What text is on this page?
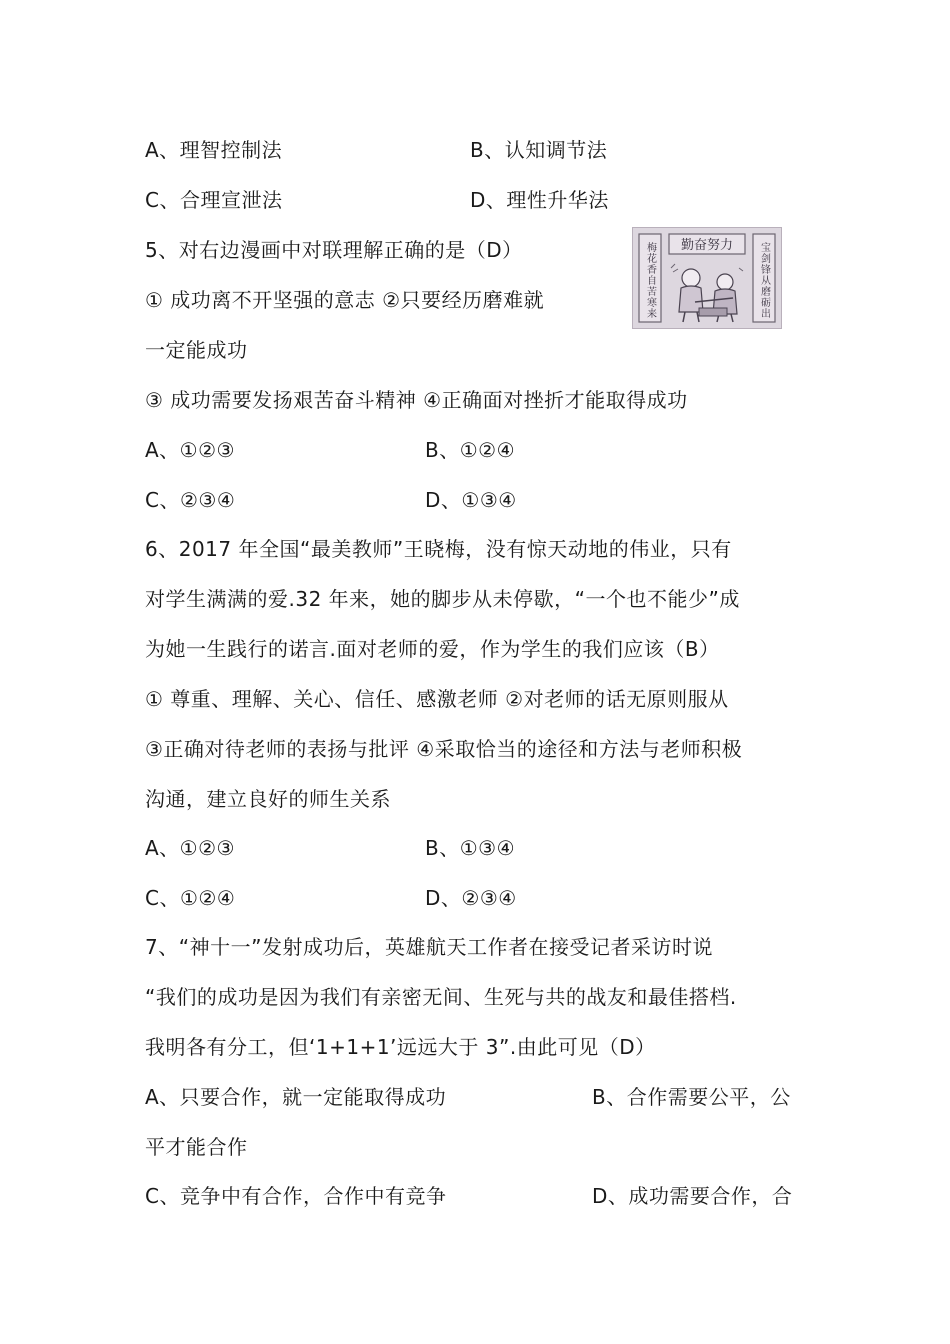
A、理智控制法	B、认知调节法
C、合理宣泄法	D、理性升华法
5、对右边漫画中对联理解正确的是（D）
① 成功离不开坚强的意志 ②只要经历磨难就
一定能成功
③ 成功需要发扬艰苦奋斗精神 ④正确面对挫折才能取得成功
A、①②③	B、①②④
C、②③④	D、①③④
梅花香自苦寒来	宝剑锋从磨砺出
勤奋努力
6、2017 年全国“最美教师”王晓梅，没有惊天动地的伟业，只有
对学生满满的爱.32 年来，她的脚步从未停歇，“一个也不能少”成
为她一生践行的诺言.面对老师的爱，作为学生的我们应该（B）
① 尊重、理解、关心、信任、感激老师 ②对老师的话无原则服从
③正确对待老师的表扬与批评 ④采取恰当的途径和方法与老师积极
沟通，建立良好的师生关系
A、①②③	B、①③④
C、①②④	D、②③④
7、“神十一”发射成功后，英雄航天工作者在接受记者采访时说
“我们的成功是因为我们有亲密无间、生死与共的战友和最佳搭档.
我明各有分工，但‘1+1+1’远远大于 3”.由此可见（D）
A、只要合作，就一定能取得成功	B、合作需要公平，公
平才能合作
C、竞争中有合作，合作中有竞争	D、成功需要合作，合
